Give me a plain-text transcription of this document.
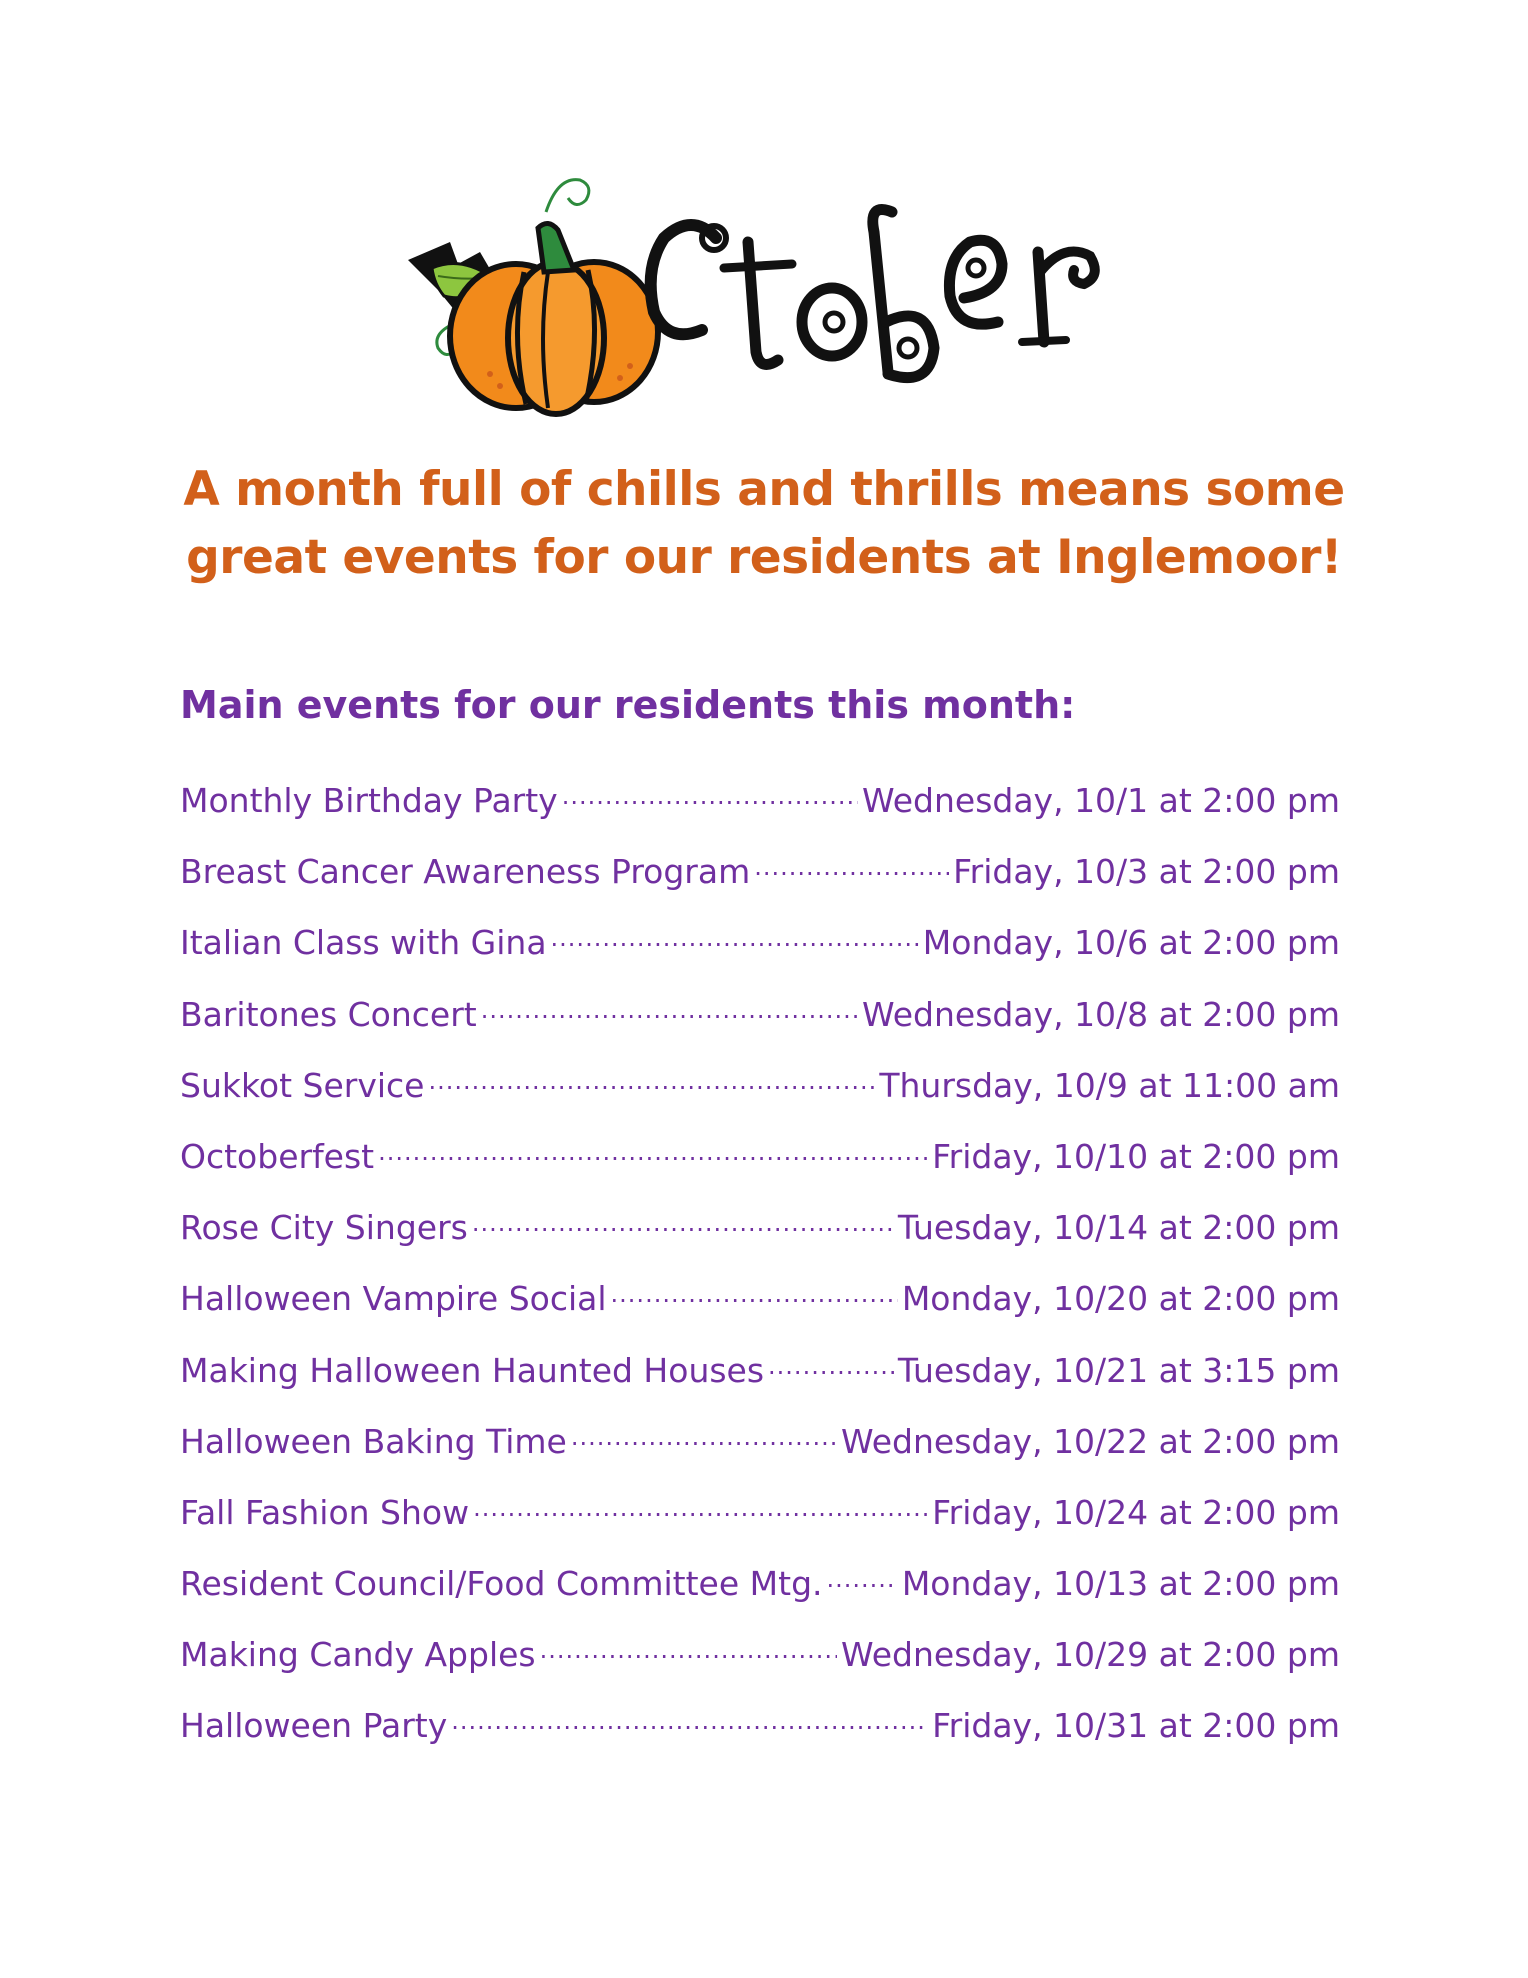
A month full of chills and thrills means some
great events for our residents at Inglemoor!
Main events for our residents this month:
Monthly Birthday Party .....	Wednesday, 10/1 at 2:00 pm
Breast Cancer Awareness Program .....	Friday, 10/3 at 2:00 pm
Italian Class with Gina .....	Monday, 10/6 at 2:00 pm
Baritones Concert .....	Wednesday, 10/8 at 2:00 pm
Sukkot Service .....	Thursday, 10/9 at 11:00 am
Octoberfest .....	Friday, 10/10 at 2:00 pm
Rose City Singers .....	Tuesday, 10/14 at 2:00 pm
Halloween Vampire Social .....	Monday, 10/20 at 2:00 pm
Making Halloween Haunted Houses .....	Tuesday, 10/21 at 3:15 pm
Halloween Baking Time .....	Wednesday, 10/22 at 2:00 pm
Fall Fashion Show .....	Friday, 10/24 at 2:00 pm
Resident Council/Food Committee Mtg. ..... Monday, 10/13 at 2:00 pm
Making Candy Apples .....	Wednesday, 10/29 at 2:00 pm
Halloween Party .....	Friday, 10/31 at 2:00 pm
